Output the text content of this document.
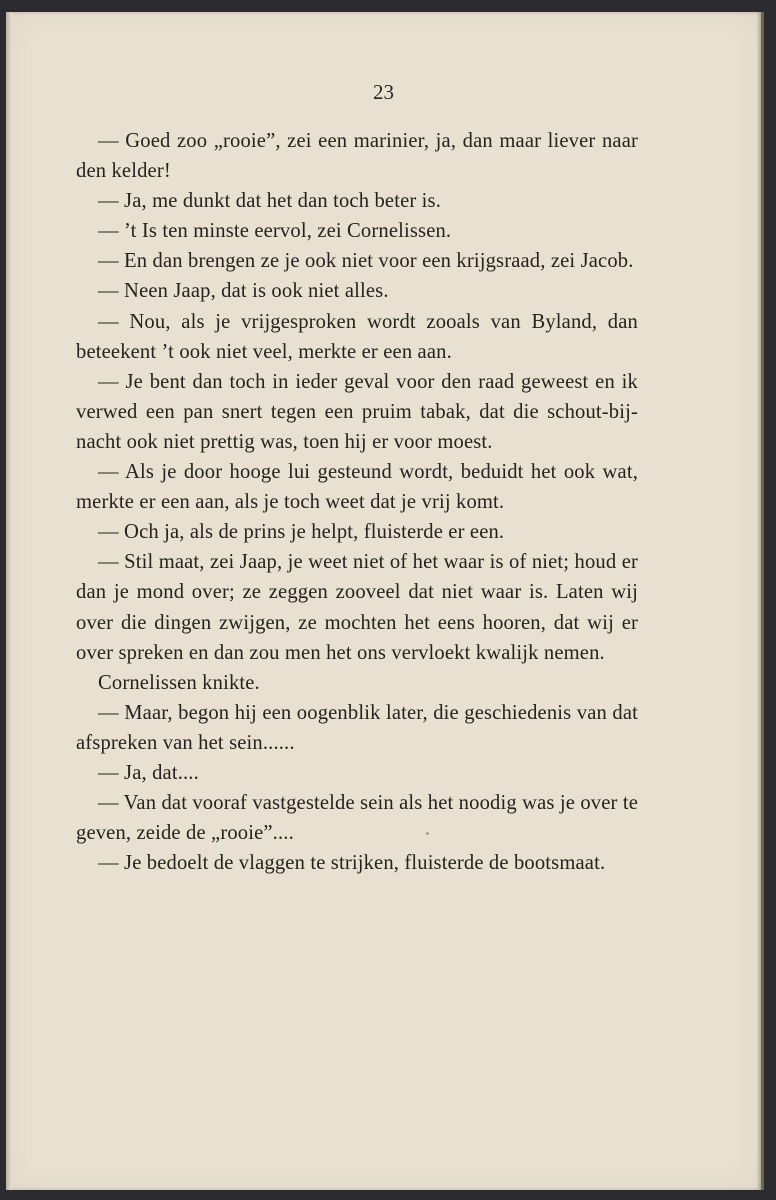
23

— Goed zoo „rooie”, zei een marinier, ja, dan maar liever naar den kelder!

— Ja, me dunkt dat het dan toch beter is.

— ’t Is ten minste eervol, zei Cornelissen.

— En dan brengen ze je ook niet voor een krijgsraad, zei Jacob.

— Neen Jaap, dat is ook niet alles.

— Nou, als je vrijgesproken wordt zooals van Byland, dan beteekent ’t ook niet veel, merkte er een aan.

— Je bent dan toch in ieder geval voor den raad geweest en ik verwed een pan snert tegen een pruim tabak, dat die schout-bij-nacht ook niet prettig was, toen hij er voor moest.

— Als je door hooge lui gesteund wordt, beduidt het ook wat, merkte er een aan, als je toch weet dat je vrij komt.

— Och ja, als de prins je helpt, fluisterde er een.

— Stil maat, zei Jaap, je weet niet of het waar is of niet; houd er dan je mond over; ze zeggen zooveel dat niet waar is. Laten wij over die dingen zwijgen, ze mochten het eens hooren, dat wij er over spreken en dan zou men het ons vervloekt kwalijk nemen.

Cornelissen knikte.

— Maar, begon hij een oogenblik later, die geschiedenis van dat afspreken van het sein......

— Ja, dat....

— Van dat vooraf vastgestelde sein als het noodig was je over te geven, zeide de „rooie”....

— Je bedoelt de vlaggen te strijken, fluisterde de bootsmaat.
